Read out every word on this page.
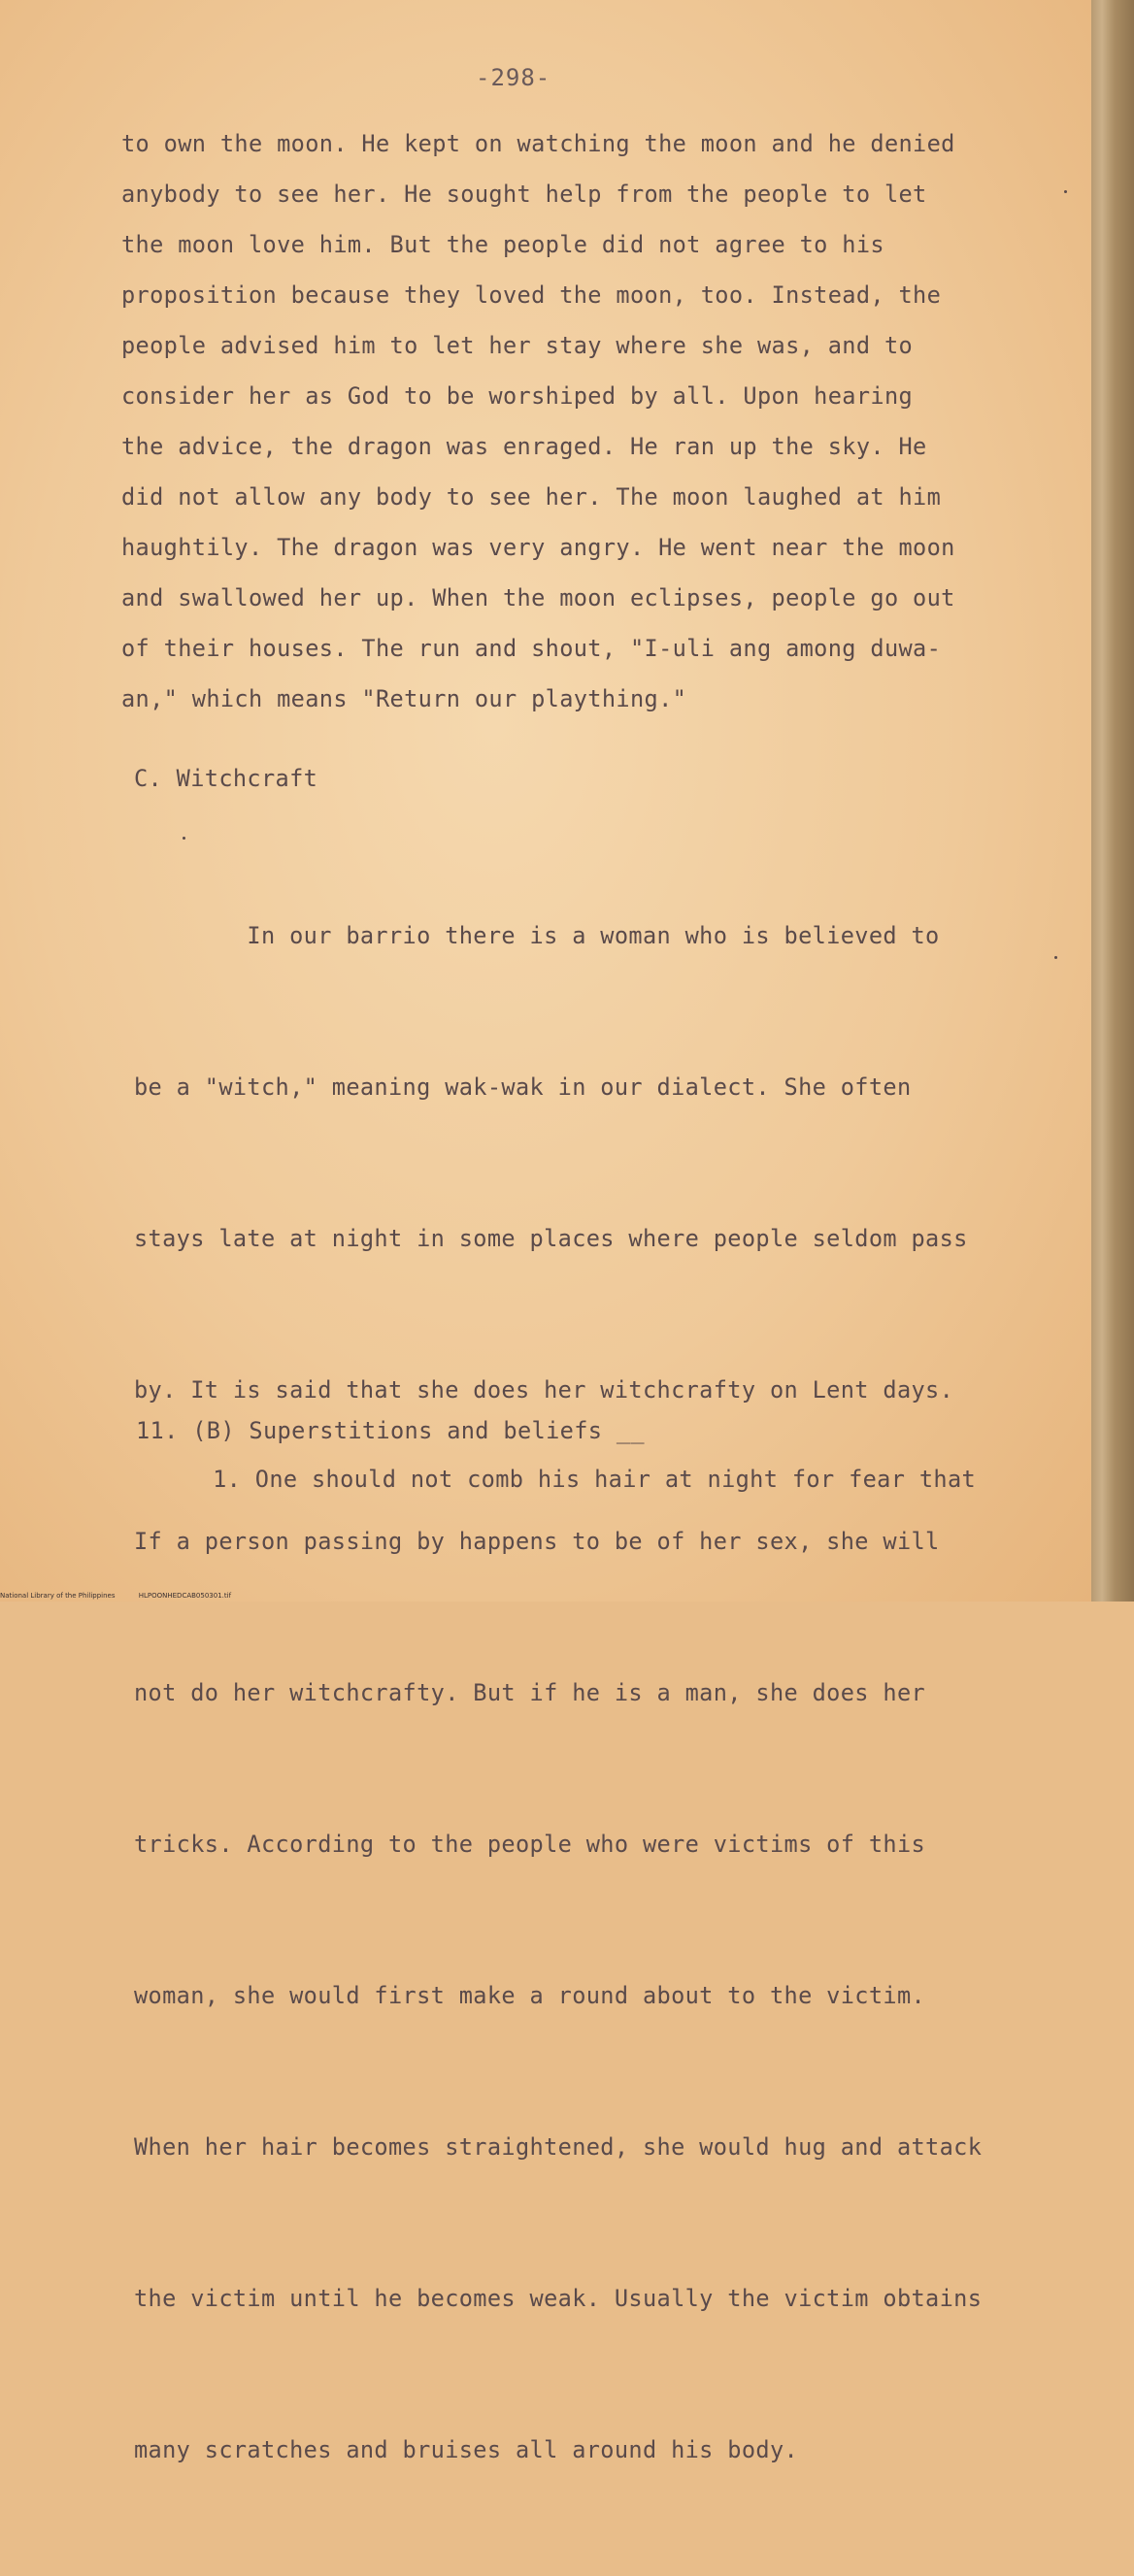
-298-
to own the moon. He kept on watching the moon and he denied
anybody to see her. He sought help from the people to let
the moon love him. But the people did not agree to his
proposition because they loved the moon, too. Instead, the
people advised him to let her stay where she was, and to
consider her as God to be worshiped by all. Upon hearing
the advice, the dragon was enraged. He ran up the sky. He
did not allow any body to see her. The moon laughed at him
haughtily. The dragon was very angry. He went near the moon
and swallowed her up. When the moon eclipses, people go out
of their houses. The run and shout, "I-uli ang among duwa-
an," which means "Return our plaything."
C. Witchcraft

In our barrio there is a woman who is believed to

be a "witch," meaning wak-wak in our dialect. She often

stays late at night in some places where people seldom pass

by. It is said that she does her witchcrafty on Lent days.

If a person passing by happens to be of her sex, she will

not do her witchcrafty. But if he is a man, she does her

tricks. According to the people who were victims of this

woman, she would first make a round about to the victim.

When her hair becomes straightened, she would hug and attack

the victim until he becomes weak. Usually the victim obtains

many scratches and bruises all around his body.

11. (B) Superstitions and beliefs __
1. One should not comb his hair at night for fear that
National Library of the Philippines	HLPOONHEDCAB050301.tif
